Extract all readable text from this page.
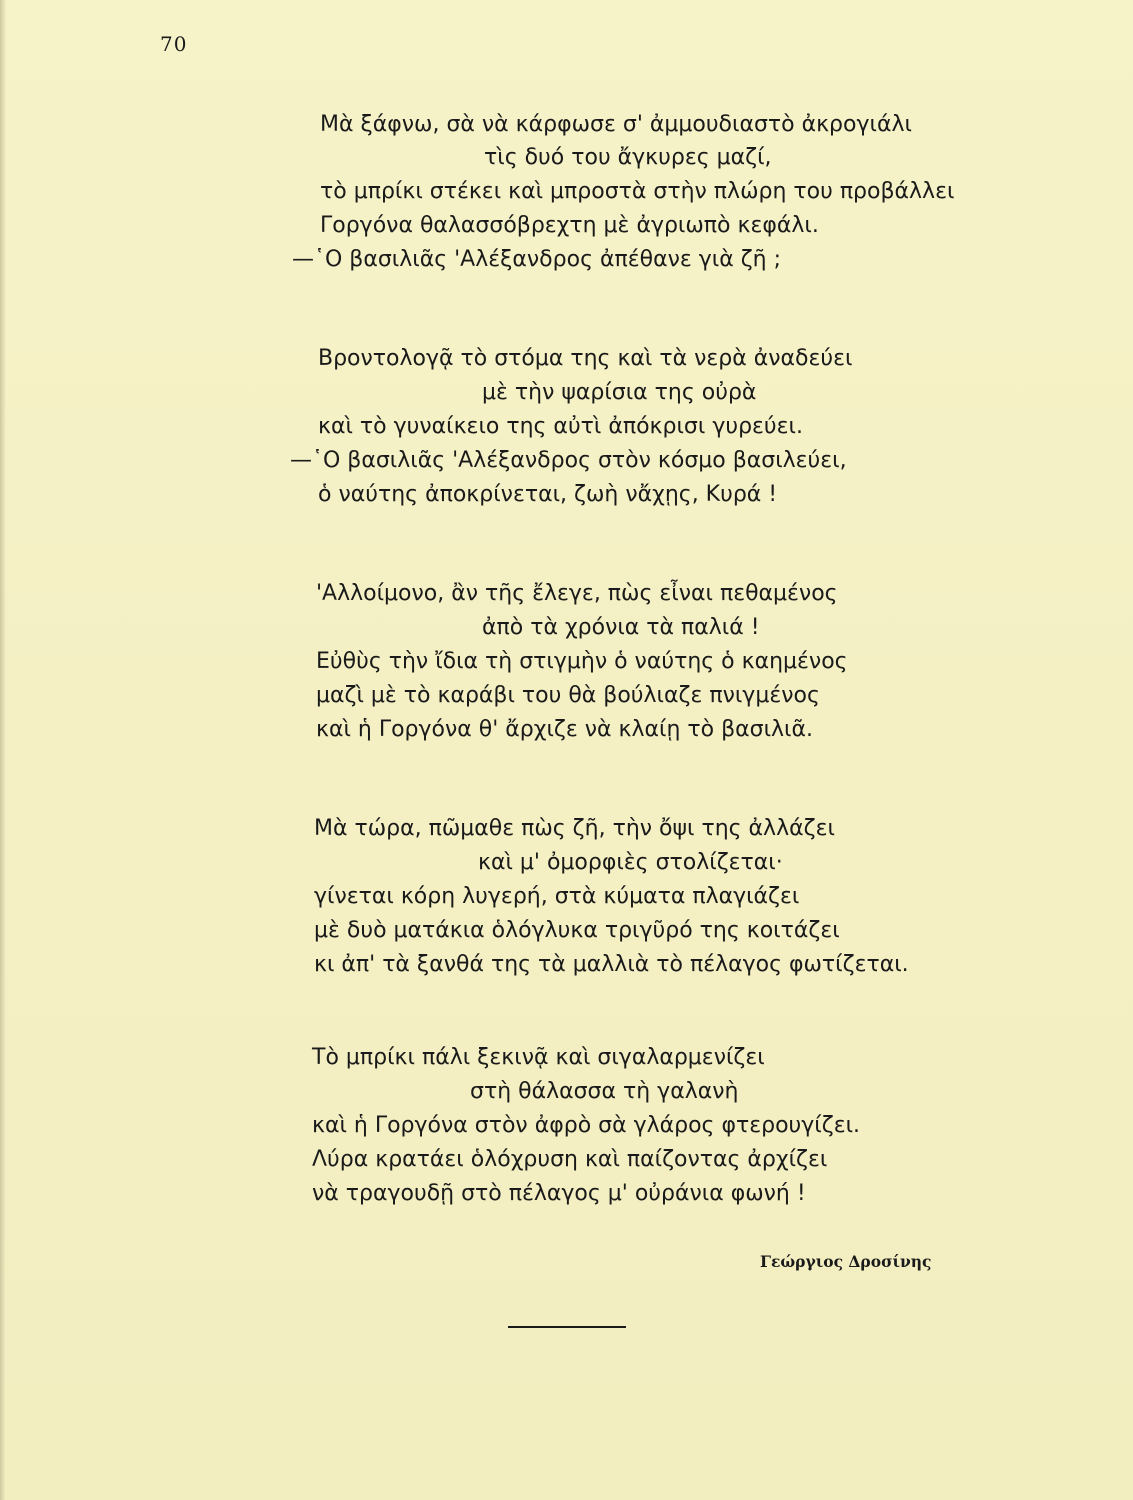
70
Μὰ ξάφνω, σὰ νὰ κάρφωσε σ' ἀμμουδιαστὸ ἀκρογιάλι
τὶς δυό του ἄγκυρες μαζί,
τὸ μπρίκι στέκει καὶ μπροστὰ στὴν πλώρη του προβάλλει
Γοργόνα θαλασσόβρεχτη μὲ ἀγριωπὸ κεφάλι.
—῾Ο βασιλιᾶς 'Αλέξανδρος ἀπέθανε γιὰ ζῆ ;
Βροντολογᾷ τὸ στόμα της καὶ τὰ νερὰ ἀναδεύει
μὲ τὴν ψαρίσια της οὐρὰ
καὶ τὸ γυναίκειο της αὐτὶ ἀπόκρισι γυρεύει.
—῾Ο βασιλιᾶς 'Αλέξανδρος στὸν κόσμο βασιλεύει,
ὁ ναύτης ἀποκρίνεται, ζωὴ νἄχῃς, Κυρά !
'Αλλοίμονο, ἂν τῆς ἔλεγε, πὼς εἶναι πεθαμένος
ἀπὸ τὰ χρόνια τὰ παλιά !
Εὐθὺς τὴν ἴδια τὴ στιγμὴν ὁ ναύτης ὁ καημένος
μαζὶ μὲ τὸ καράβι του θὰ βούλιαζε πνιγμένος
καὶ ἡ Γοργόνα θ' ἄρχιζε νὰ κλαίῃ τὸ βασιλιᾶ.
Μὰ τώρα, πῶμαθε πὼς ζῆ, τὴν ὄψι της ἀλλάζει
καὶ μ' ὀμορφιὲς στολίζεται·
γίνεται κόρη λυγερή, στὰ κύματα πλαγιάζει
μὲ δυὸ ματάκια ὁλόγλυκα τριγῦρό της κοιτάζει
κι ἀπ' τὰ ξανθά της τὰ μαλλιὰ τὸ πέλαγος φωτίζεται.
Τὸ μπρίκι πάλι ξεκινᾷ καὶ σιγαλαρμενίζει
στὴ θάλασσα τὴ γαλανὴ
καὶ ἡ Γοργόνα στὸν ἀφρὸ σὰ γλάρος φτερουγίζει.
Λύρα κρατάει ὁλόχρυση καὶ παίζοντας ἀρχίζει
νὰ τραγουδῇ στὸ πέλαγος μ' οὐράνια φωνή !
Γεώργιος Δροσίνης
